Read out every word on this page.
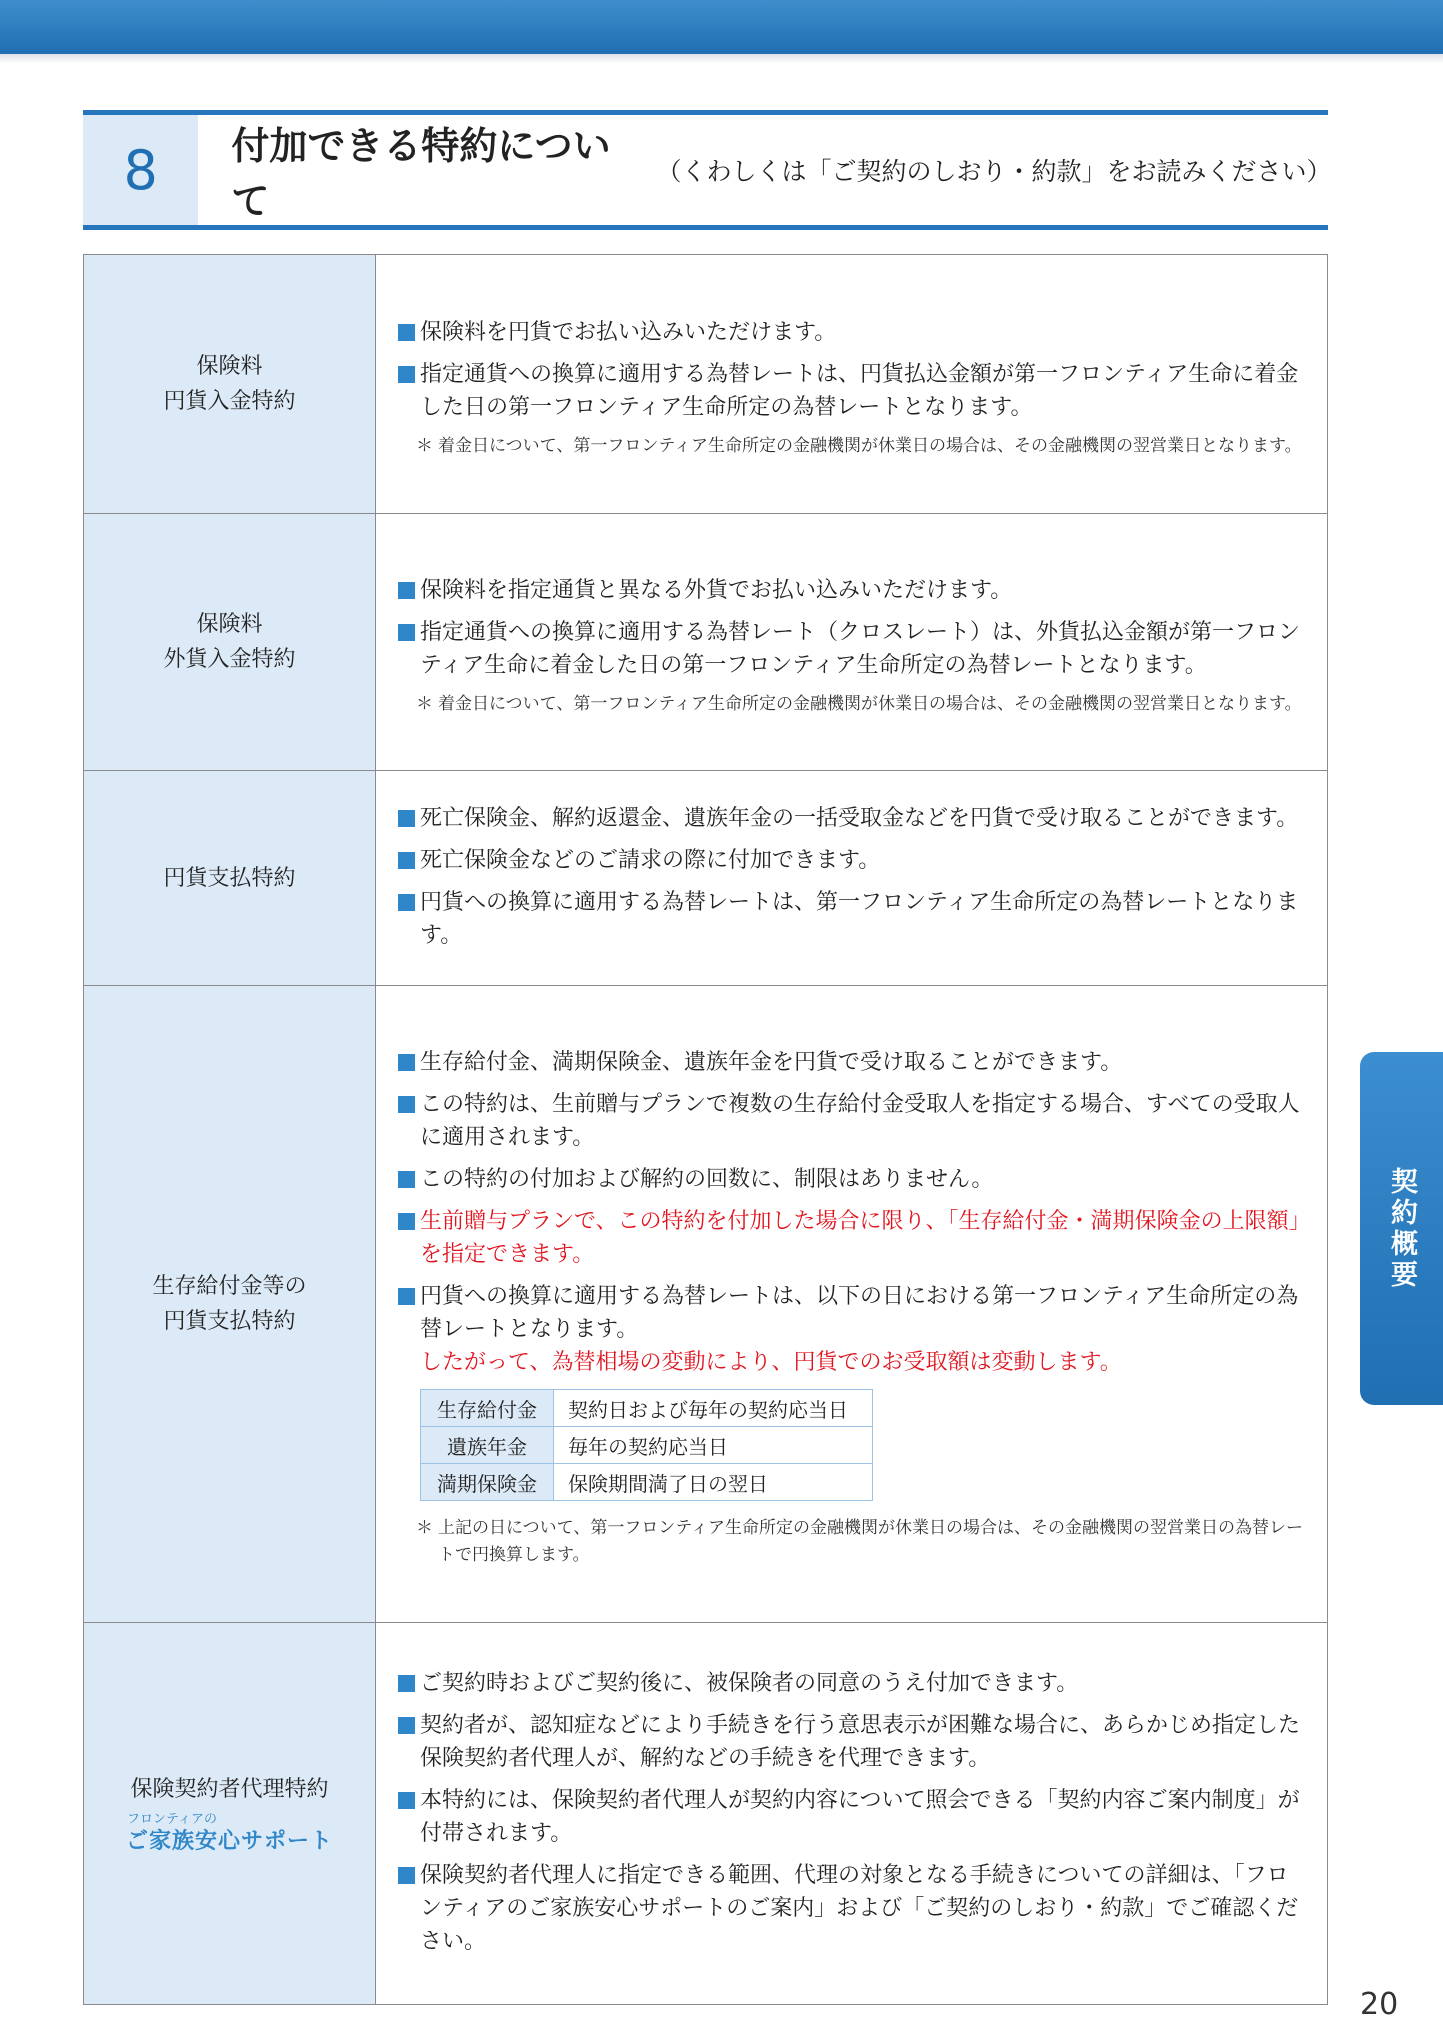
8	付加できる特約について
（くわしくは「ご契約のしおり・約款」をお読みください）
保険料
円貨入金特約

保険料を円貨でお払い込みいただけます。
指定通貨への換算に適用する為替レートは、円貨払込金額が第一フロンティア生命に着金した日の第一フロンティア生命所定の為替レートとなります。
＊ 着金日について、第一フロンティア生命所定の金融機関が休業日の場合は、その金融機関の翌営業日となります。

保険料
外貨入金特約

保険料を指定通貨と異なる外貨でお払い込みいただけます。
指定通貨への換算に適用する為替レート（クロスレート）は、外貨払込金額が第一フロンティア生命に着金した日の第一フロンティア生命所定の為替レートとなります。
＊ 着金日について、第一フロンティア生命所定の金融機関が休業日の場合は、その金融機関の翌営業日となります。

円貨支払特約

死亡保険金、解約返還金、遺族年金の一括受取金などを円貨で受け取ることができます。
死亡保険金などのご請求の際に付加できます。
円貨への換算に適用する為替レートは、第一フロンティア生命所定の為替レートとなります。

生存給付金等の
円貨支払特約

生存給付金、満期保険金、遺族年金を円貨で受け取ることができます。
この特約は、生前贈与プランで複数の生存給付金受取人を指定する場合、すべての受取人に適用されます。
この特約の付加および解約の回数に、制限はありません。
生前贈与プランで、この特約を付加した場合に限り、「生存給付金・満期保険金の上限額」を指定できます。
円貨への換算に適用する為替レートは、以下の日における第一フロンティア生命所定の為替レートとなります。
したがって、為替相場の変動により、円貨でのお受取額は変動します。
生存給付金	契約日および毎年の契約応当日
遺族年金	毎年の契約応当日
満期保険金	保険期間満了日の翌日
＊ 上記の日について、第一フロンティア生命所定の金融機関が休業日の場合は、その金融機関の翌営業日の為替レートで円換算します。

保険契約者代理特約
フロンティアの
ご家族安心サポート

ご契約時およびご契約後に、被保険者の同意のうえ付加できます。
契約者が、認知症などにより手続きを行う意思表示が困難な場合に、あらかじめ指定した保険契約者代理人が、解約などの手続きを代理できます。
本特約には、保険契約者代理人が契約内容について照会できる「契約内容ご案内制度」が付帯されます。
保険契約者代理人に指定できる範囲、代理の対象となる手続きについての詳細は、「フロンティアのご家族安心サポートのご案内」および「ご契約のしおり・約款」でご確認ください。
契約概要
20
